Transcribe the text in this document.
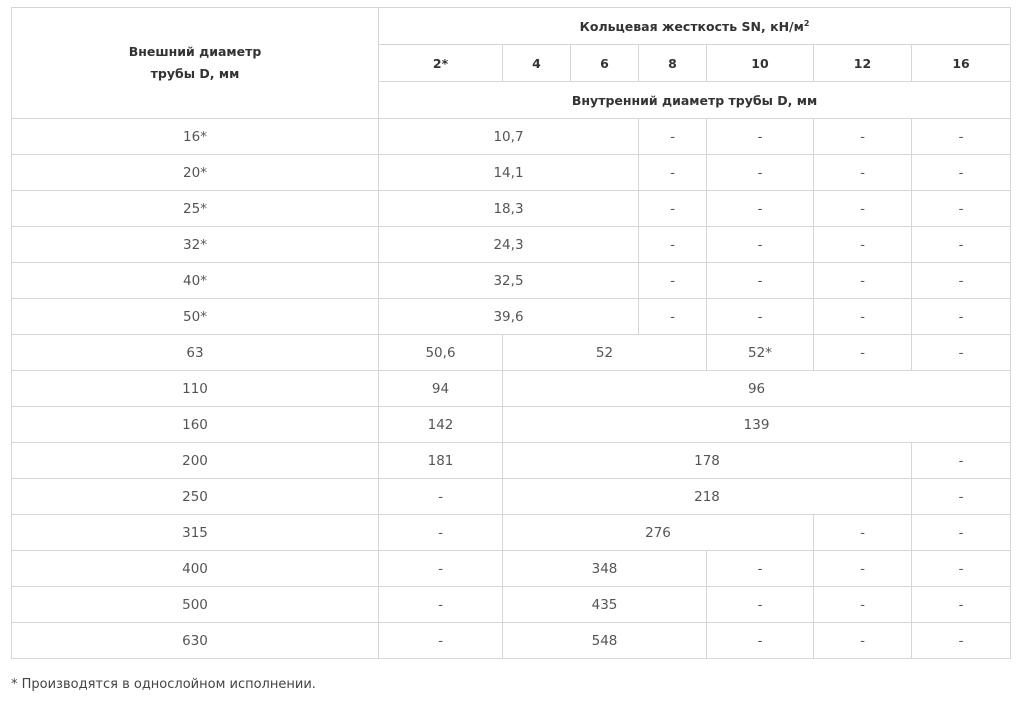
Внешний диаметр
трубы D, мм	Кольцевая жесткость SN, $кН/м^2$
	2*	4	6	8	10	12	16
	Внутренний диаметр трубы D, мм						
16*	10,7			-	-	-	-
20*	14,1			-	-	-	-
25*	18,3			-	-	-	-
32*	24,3			-	-	-	-
40*	32,5			-	-	-	-
50*	39,6			-	-	-	-
63	50,6	52			52*	-	-
110	94	96					
160	142	139					
200	181	178					-
250	-	218					-
315	-	276				-	-
400	-	348			-	-	-
500	-	435			-	-	-
630	-	548			-	-	-
* Производятся в однослойном исполнении.
